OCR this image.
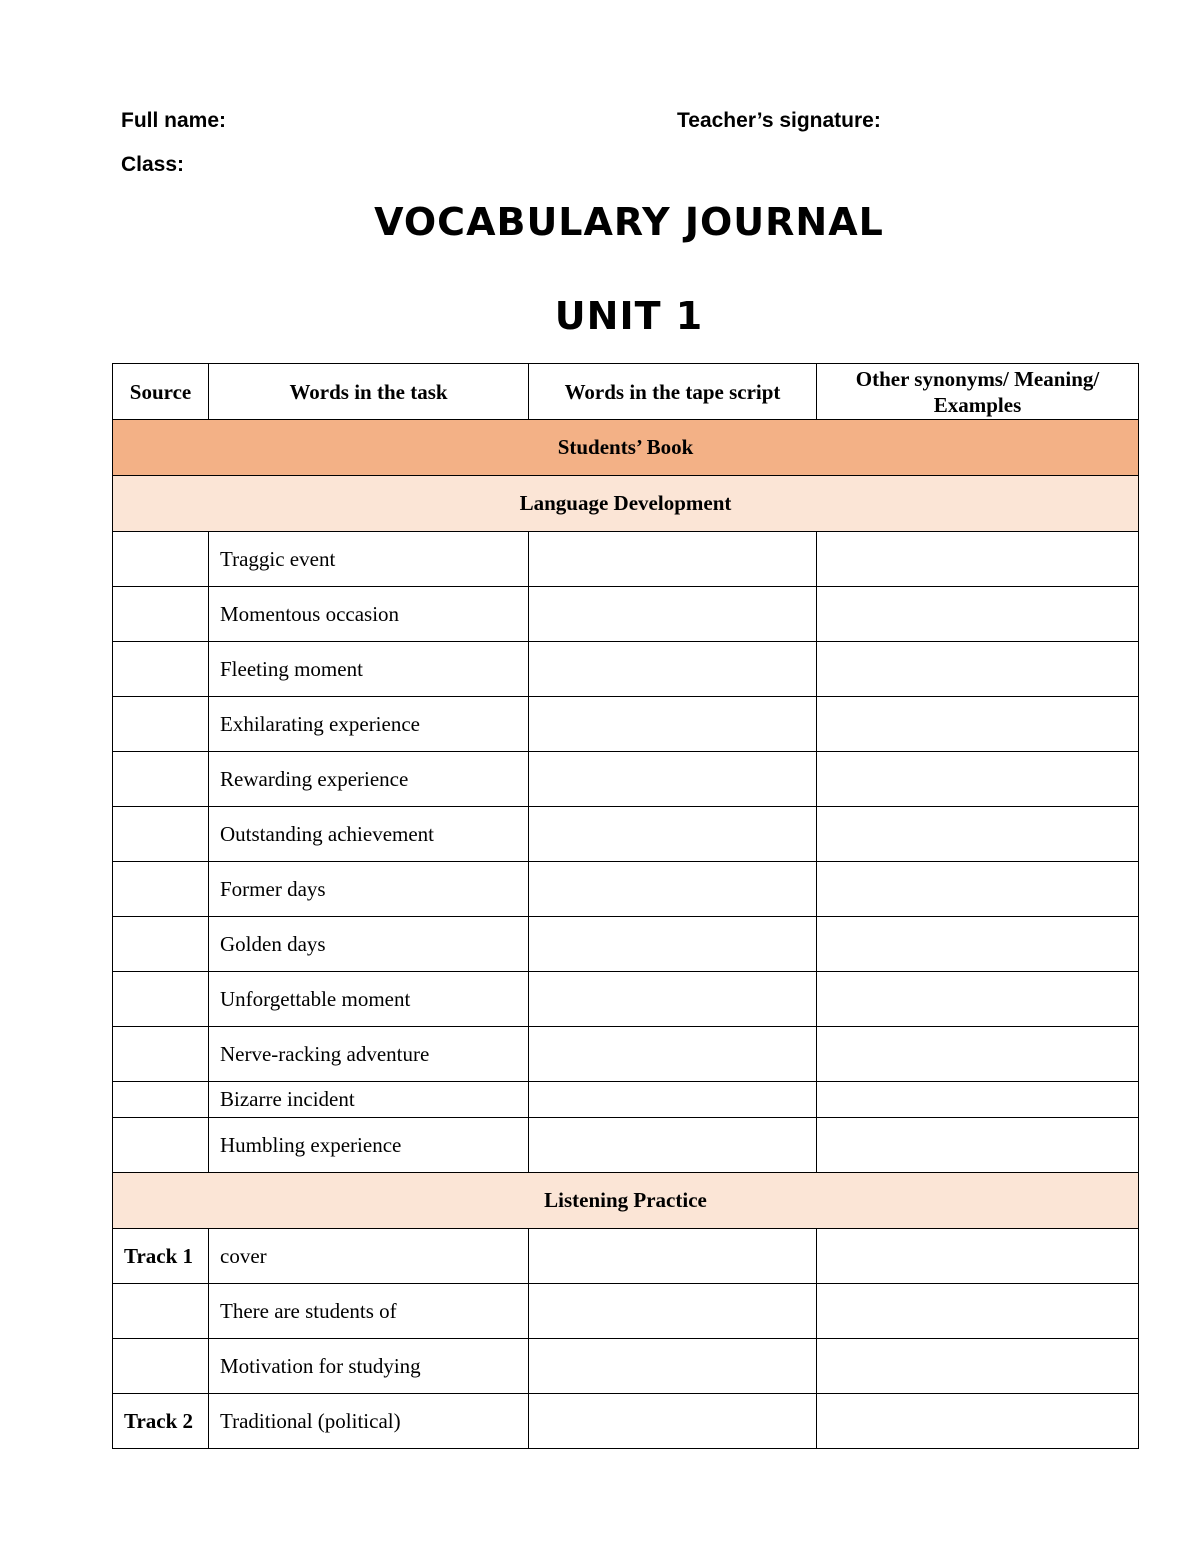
Full name:
Class:
Teacher’s signature:
VOCABULARY JOURNAL
UNIT 1
Source	Words in the task	Words in the tape script	Other synonyms/ Meaning/ Examples
Students’ Book			
Language Development			
	Traggic event		
	Momentous occasion		
	Fleeting moment		
	Exhilarating experience		
	Rewarding experience		
	Outstanding achievement		
	Former days		
	Golden days		
	Unforgettable moment		
	Nerve-racking adventure		
	Bizarre incident		
	Humbling experience		
Listening Practice			
Track 1	cover		
	There are students of		
	Motivation for studying		
Track 2	Traditional (political)		
